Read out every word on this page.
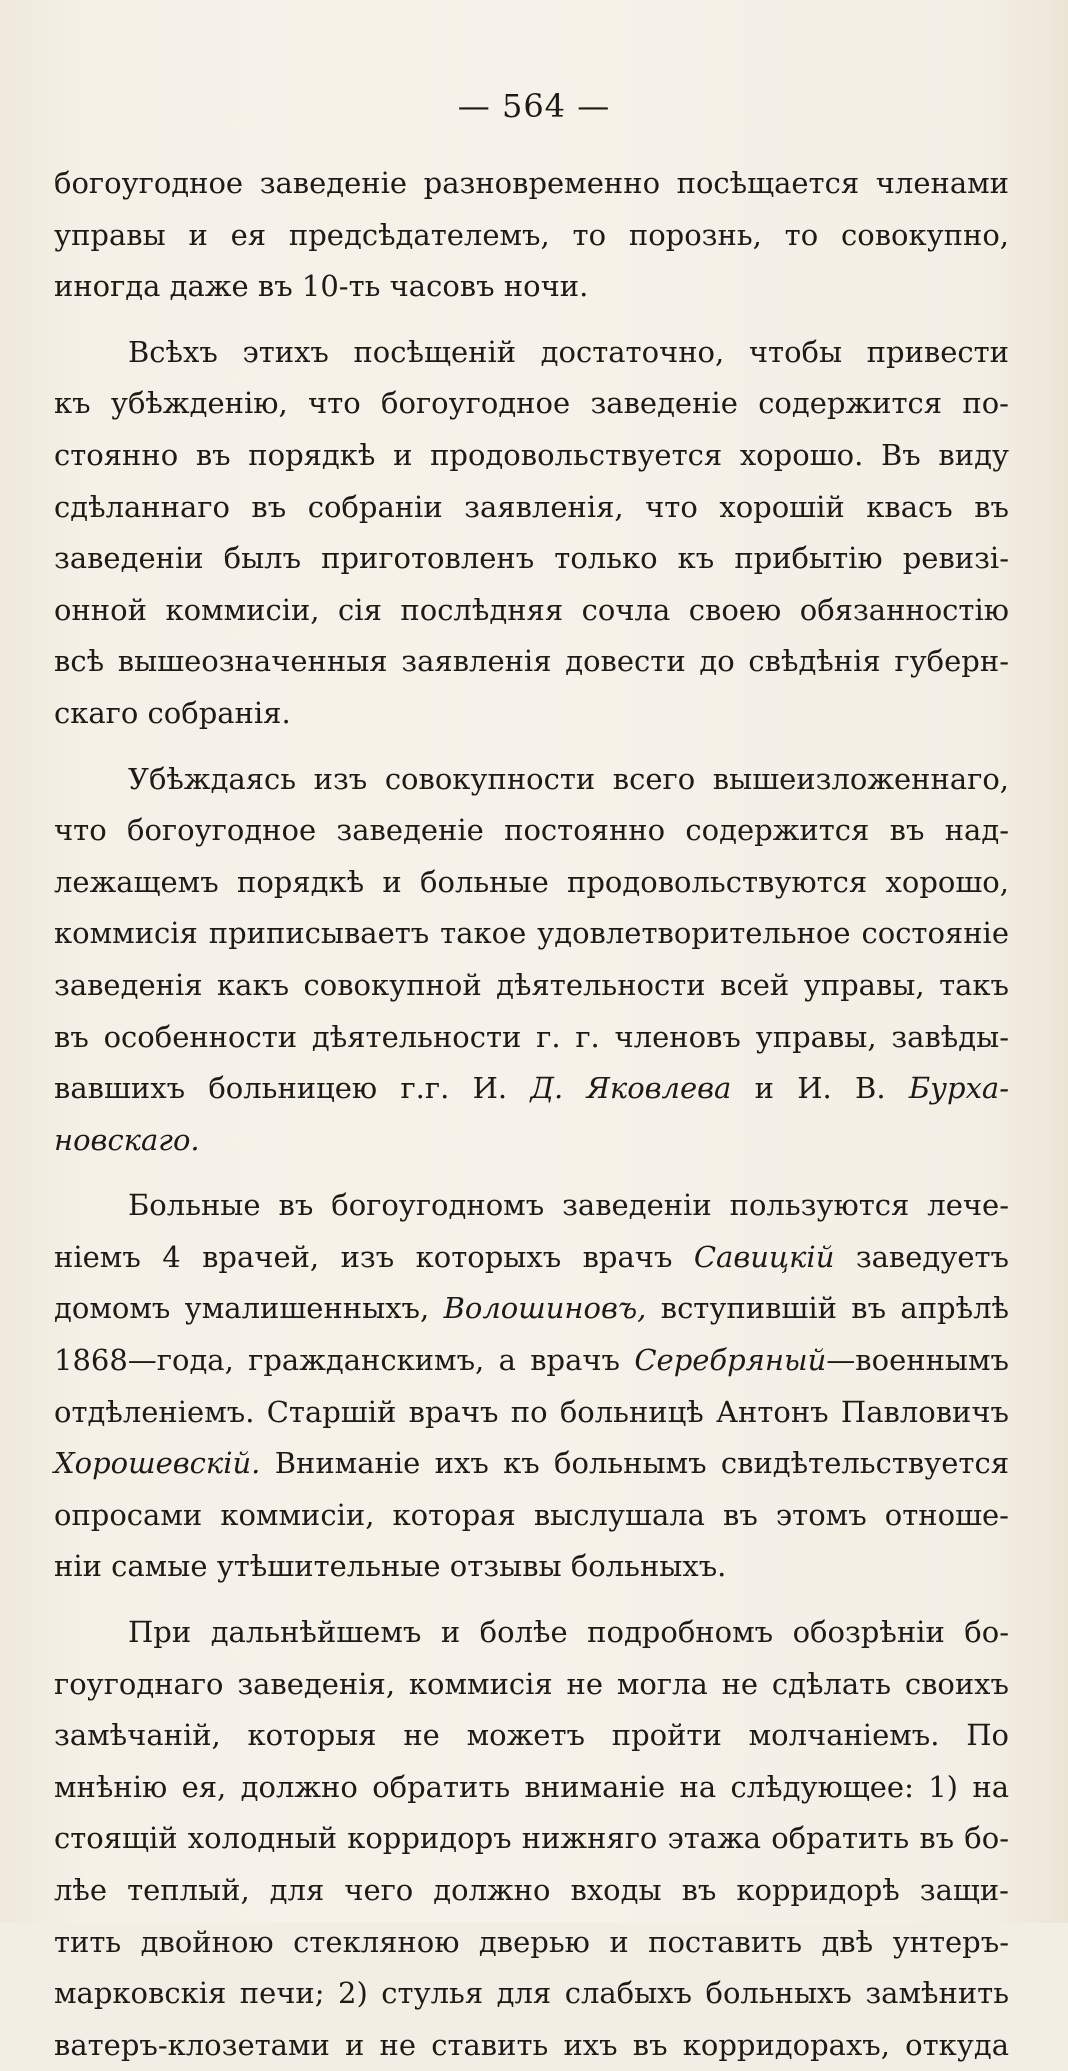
— 564 —
богоугодное заведеніе разновременно посѣщается членами
управы и ея предсѣдателемъ, то порознь, то совокупно,
иногда даже въ 10-ть часовъ ночи.
Всѣхъ этихъ посѣщеній достаточно, чтобы привести
къ убѣжденію, что богоугодное заведеніе содержится по-
стоянно въ порядкѣ и продовольствуется хорошо. Въ виду
сдѣланнаго въ собраніи заявленія, что хорошій квасъ въ
заведеніи былъ приготовленъ только къ прибытію ревизі-
онной коммисіи, сія послѣдняя сочла своею обязанностію
всѣ вышеозначенныя заявленія довести до свѣдѣнія губерн-
скаго собранія.
Убѣждаясь изъ совокупности всего вышеизложеннаго,
что богоугодное заведеніе постоянно содержится въ над-
лежащемъ порядкѣ и больные продовольствуются хорошо,
коммисія приписываетъ такое удовлетворительное состояніе
заведенія какъ совокупной дѣятельности всей управы, такъ
въ особенности дѣятельности г. г. членовъ управы, завѣды-
вавшихъ больницею г.г. И. Д. Яковлева и И. В. Бурха-
новскаго.
Больные въ богоугодномъ заведеніи пользуются лече-
ніемъ 4 врачей, изъ которыхъ врачъ Савицкій заведуетъ
домомъ умалишенныхъ, Волошиновъ, вступившій въ апрѣлѣ
1868—года, гражданскимъ, а врачъ Серебряный—военнымъ
отдѣленіемъ. Старшій врачъ по больницѣ Антонъ Павловичъ
Хорошевскій. Вниманіе ихъ къ больнымъ свидѣтельствуется
опросами коммисіи, которая выслушала въ этомъ отноше-
ніи самые утѣшительные отзывы больныхъ.
При дальнѣйшемъ и болѣе подробномъ обозрѣніи бо-
гоугоднаго заведенія, коммисія не могла не сдѣлать своихъ
замѣчаній, которыя не можетъ пройти молчаніемъ. По
мнѣнію ея, должно обратить вниманіе на слѣдующее: 1) на
стоящій холодный корридоръ нижняго этажа обратить въ бо-
лѣе теплый, для чего должно входы въ корридорѣ защи-
тить двойною стекляною дверью и поставить двѣ унтеръ-
марковскія печи; 2) стулья для слабыхъ больныхъ замѣнить
ватеръ-клозетами и не ставить ихъ въ корридорахъ, откуда
